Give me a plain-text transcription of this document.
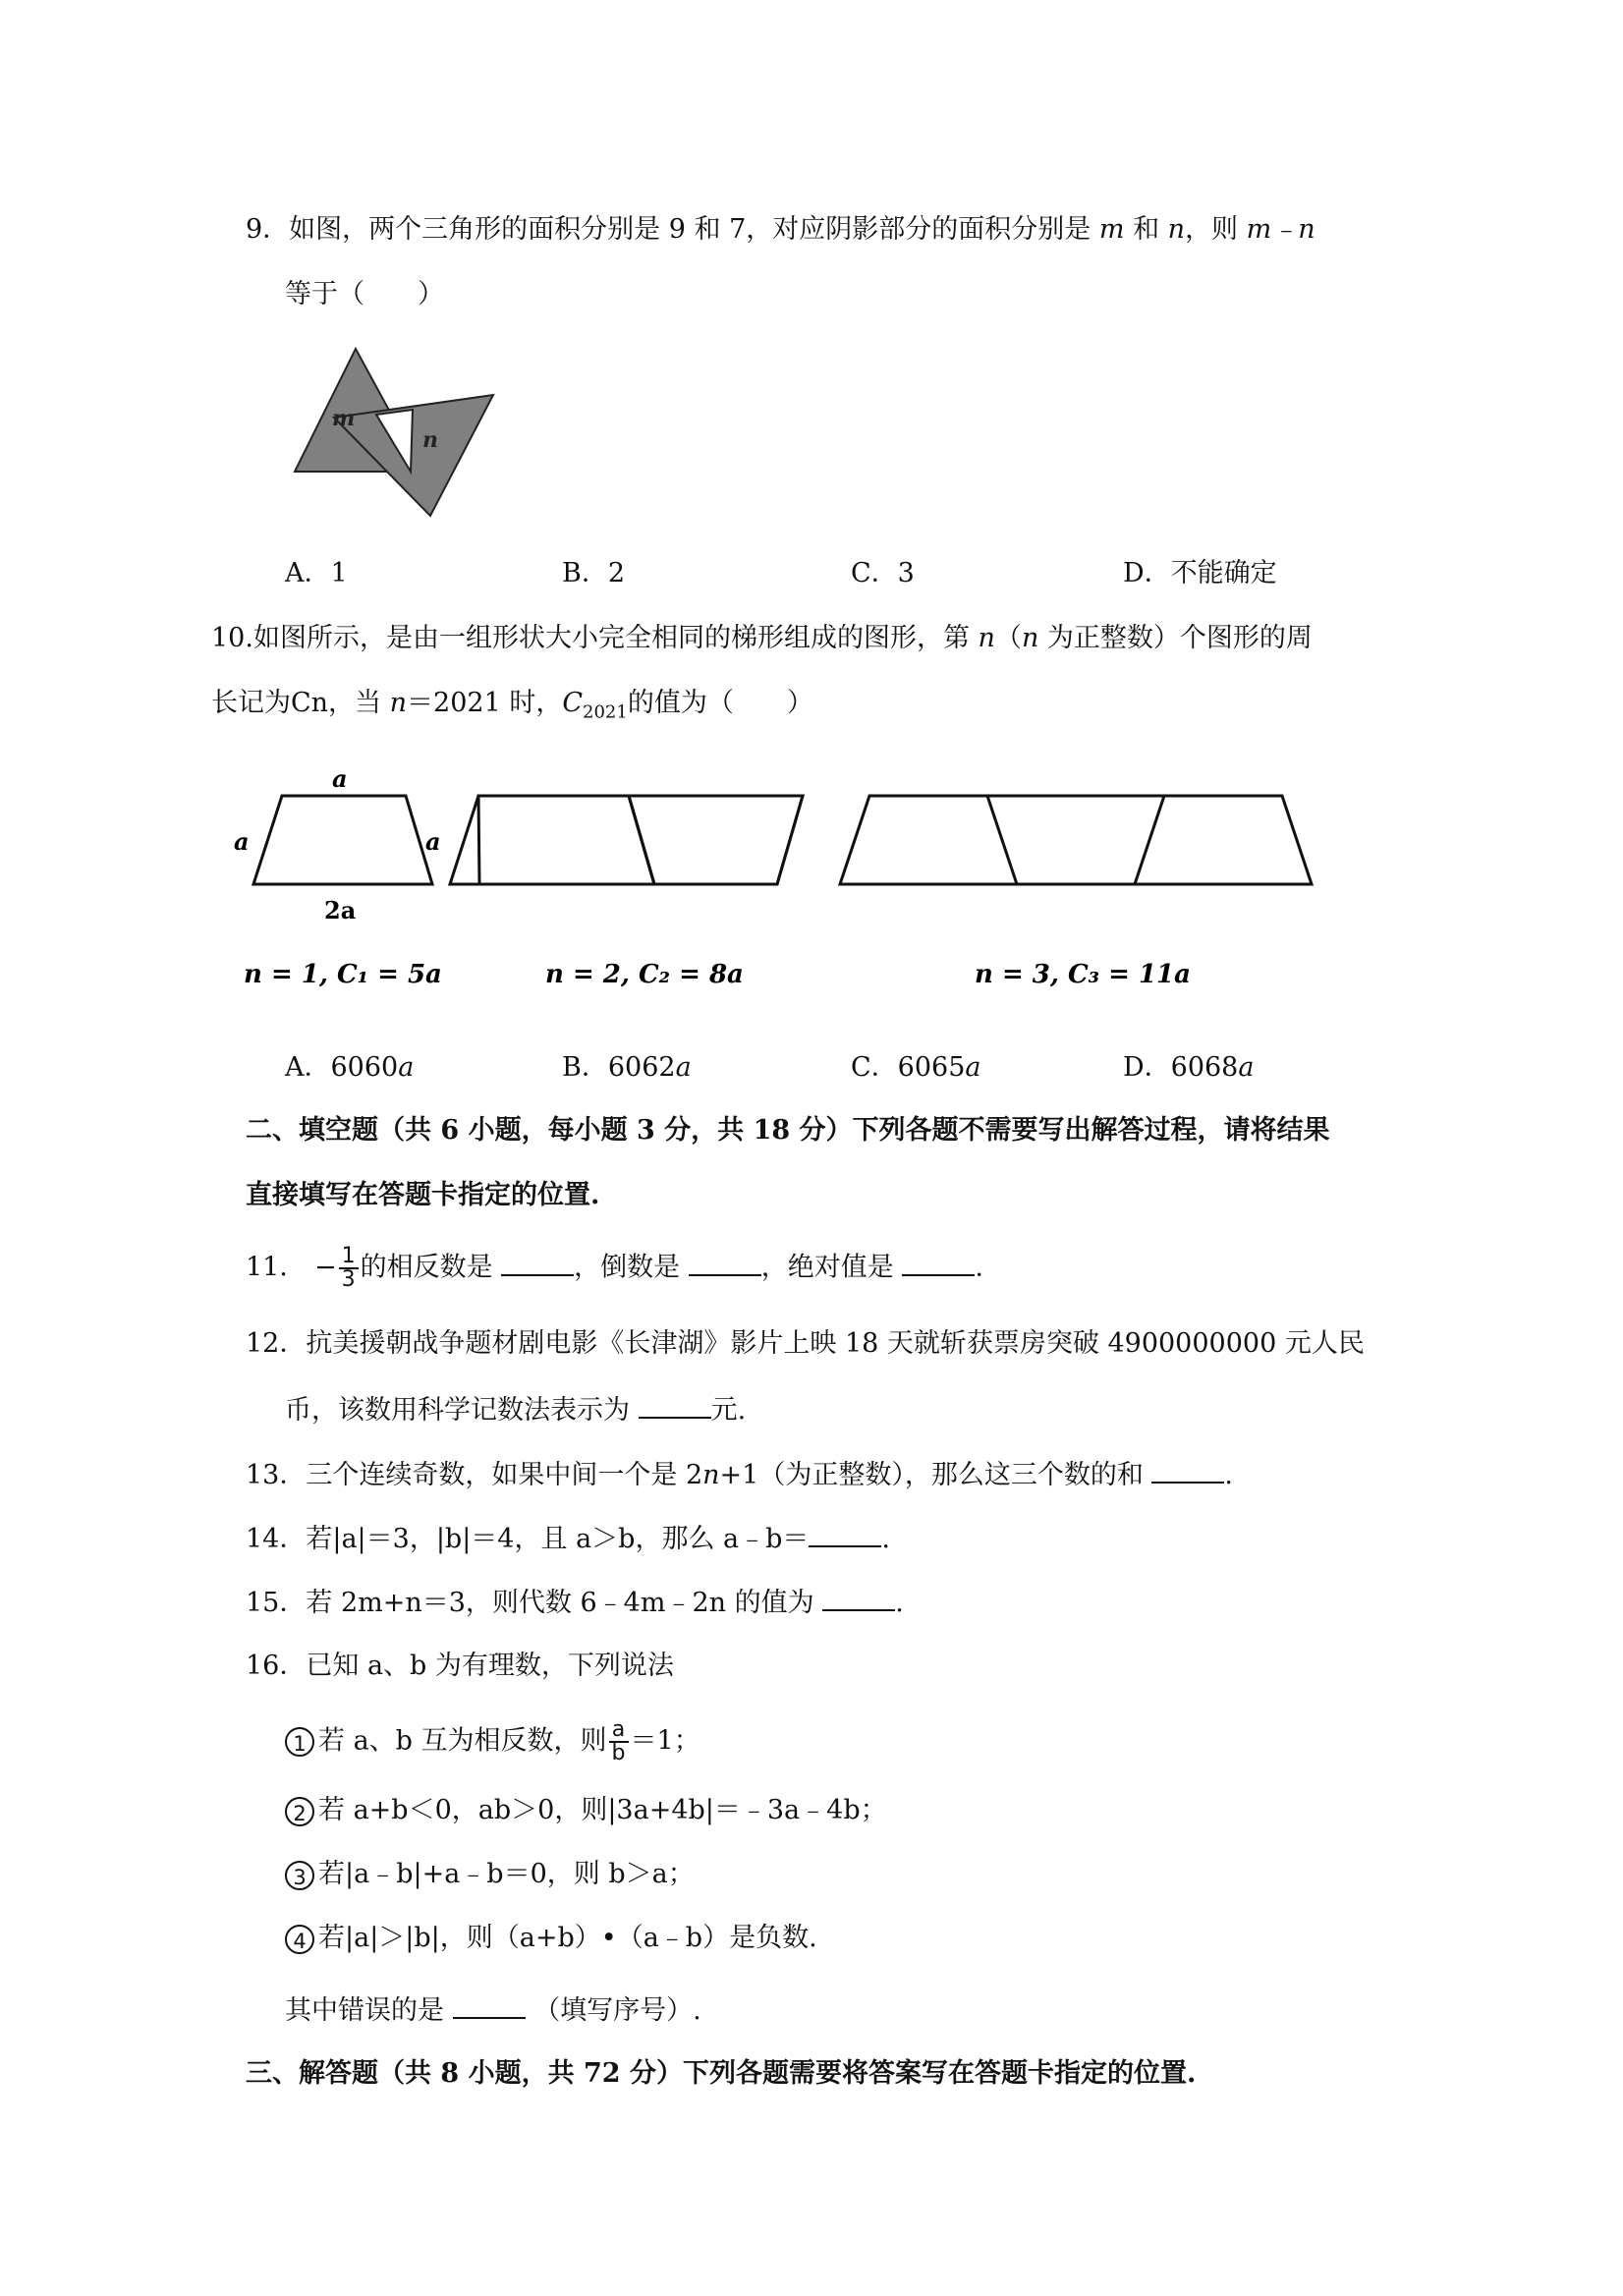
9．如图，两个三角形的面积分别是 9 和 7，对应阴影部分的面积分别是 m 和 n，则 m﹣n
等于（　　）
m
n
A．1	B．2	C．3	D．不能确定
10.如图所示，是由一组形状大小完全相同的梯形组成的图形，第 n（n 为正整数）个图形的周
长记为Cn，当 n＝2021 时，$C_{2021}$的值为（　　）
a
a	a
2a
n = 1, C₁ = 5a	n = 2, C₂ = 8a	n = 3, C₃ = 11a
A．6060a	B．6062a	C．6065a	D．6068a
二、填空题（共 6 小题，每小题 3 分，共 18 分）下列各题不需要写出解答过程，请将结果
直接填写在答题卡指定的位置.
11． − $\frac{1}{3}$ 的相反数是	，倒数是	，绝对值是	.
12．抗美援朝战争题材剧电影《长津湖》影片上映 18 天就斩获票房突破 4900000000 元人民
币，该数用科学记数法表示为	元.
13．三个连续奇数，如果中间一个是 2n+1（为正整数），那么这三个数的和	.
14．若|a|＝3，|b|＝4，且 a＞b，那么 a﹣b＝	.
15．若 2m+n＝3，则代数 6﹣4m﹣2n 的值为	.
16．已知 a、b 为有理数，下列说法
1 若 a、b 互为相反数，则 $\frac{a}{b} =1$；
2 若 a+b＜0，ab＞0，则|3a+4b|＝﹣3a﹣4b；
3 若|a﹣b|+a﹣b＝0，则 b＞a；
4 若|a|＞|b|，则（a+b）•（a﹣b）是负数.
其中错误的是	（填写序号）.
三、解答题（共 8 小题，共 72 分）下列各题需要将答案写在答题卡指定的位置.
